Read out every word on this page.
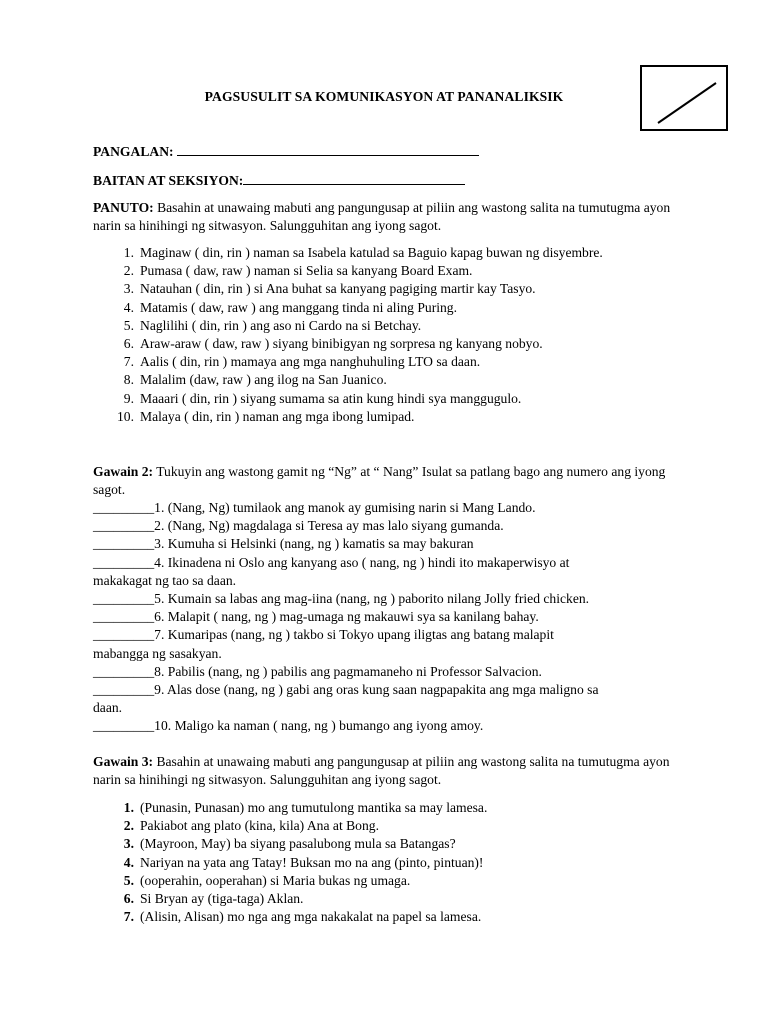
PAGSUSULIT SA KOMUNIKASYON AT PANANALIKSIK
PANGALAN:
BAITAN AT SEKSIYON:
PANUTO: Basahin at unawaing mabuti ang pangungusap at piliin ang wastong salita na tumutugma ayon narin sa hinihingi ng sitwasyon. Salungguhitan ang iyong sagot.
1. Maginaw ( din, rin ) naman sa Isabela katulad sa Baguio kapag buwan ng disyembre.
2. Pumasa ( daw, raw ) naman si Selia sa kanyang Board Exam.
3. Natauhan ( din, rin ) si Ana buhat sa kanyang pagiging martir kay Tasyo.
4. Matamis ( daw, raw ) ang manggang tinda ni aling Puring.
5. Naglilihi ( din, rin ) ang aso ni Cardo na si Betchay.
6. Araw-araw ( daw, raw ) siyang binibigyan ng sorpresa ng kanyang nobyo.
7. Aalis ( din, rin ) mamaya ang mga nanghuhuling LTO sa daan.
8. Malalim (daw, raw ) ang ilog na San Juanico.
9. Maaari ( din, rin ) siyang sumama sa atin kung hindi sya manggugulo.
10. Malaya ( din, rin ) naman ang mga ibong lumipad.
Gawain 2: Tukuyin ang wastong gamit ng “Ng” at “ Nang” Isulat sa patlang bago ang numero ang iyong sagot.
_________1. (Nang, Ng) tumilaok ang manok ay gumising narin si Mang Lando.
_________2. (Nang, Ng) magdalaga si Teresa ay mas lalo siyang gumanda.
_________3. Kumuha si Helsinki (nang, ng ) kamatis sa may bakuran
_________4. Ikinadena ni Oslo ang kanyang aso ( nang, ng ) hindi ito makaperwisyo at
makakagat ng tao sa daan.
_________5. Kumain sa labas ang mag-iina (nang, ng ) paborito nilang Jolly fried chicken.
_________6. Malapit ( nang, ng ) mag-umaga ng makauwi sya sa kanilang bahay.
_________7. Kumaripas (nang, ng ) takbo si Tokyo upang iligtas ang batang malapit
mabangga ng sasakyan.
_________8. Pabilis (nang, ng ) pabilis ang pagmamaneho ni Professor Salvacion.
_________9. Alas dose (nang, ng ) gabi ang oras kung saan nagpapakita ang mga maligno sa
daan.
_________10. Maligo ka naman ( nang, ng ) bumango ang iyong amoy.
Gawain 3: Basahin at unawaing mabuti ang pangungusap at piliin ang wastong salita na tumutugma ayon narin sa hinihingi ng sitwasyon. Salungguhitan ang iyong sagot.
1. (Punasin, Punasan) mo ang tumutulong mantika sa may lamesa.
2. Pakiabot ang plato (kina, kila) Ana at Bong.
3. (Mayroon, May) ba siyang pasalubong mula sa Batangas?
4. Nariyan na yata ang Tatay! Buksan mo na ang (pinto, pintuan)!
5. (ooperahin, ooperahan) si Maria bukas ng umaga.
6. Si Bryan ay (tiga-taga) Aklan.
7. (Alisin, Alisan) mo nga ang mga nakakalat na papel sa lamesa.
